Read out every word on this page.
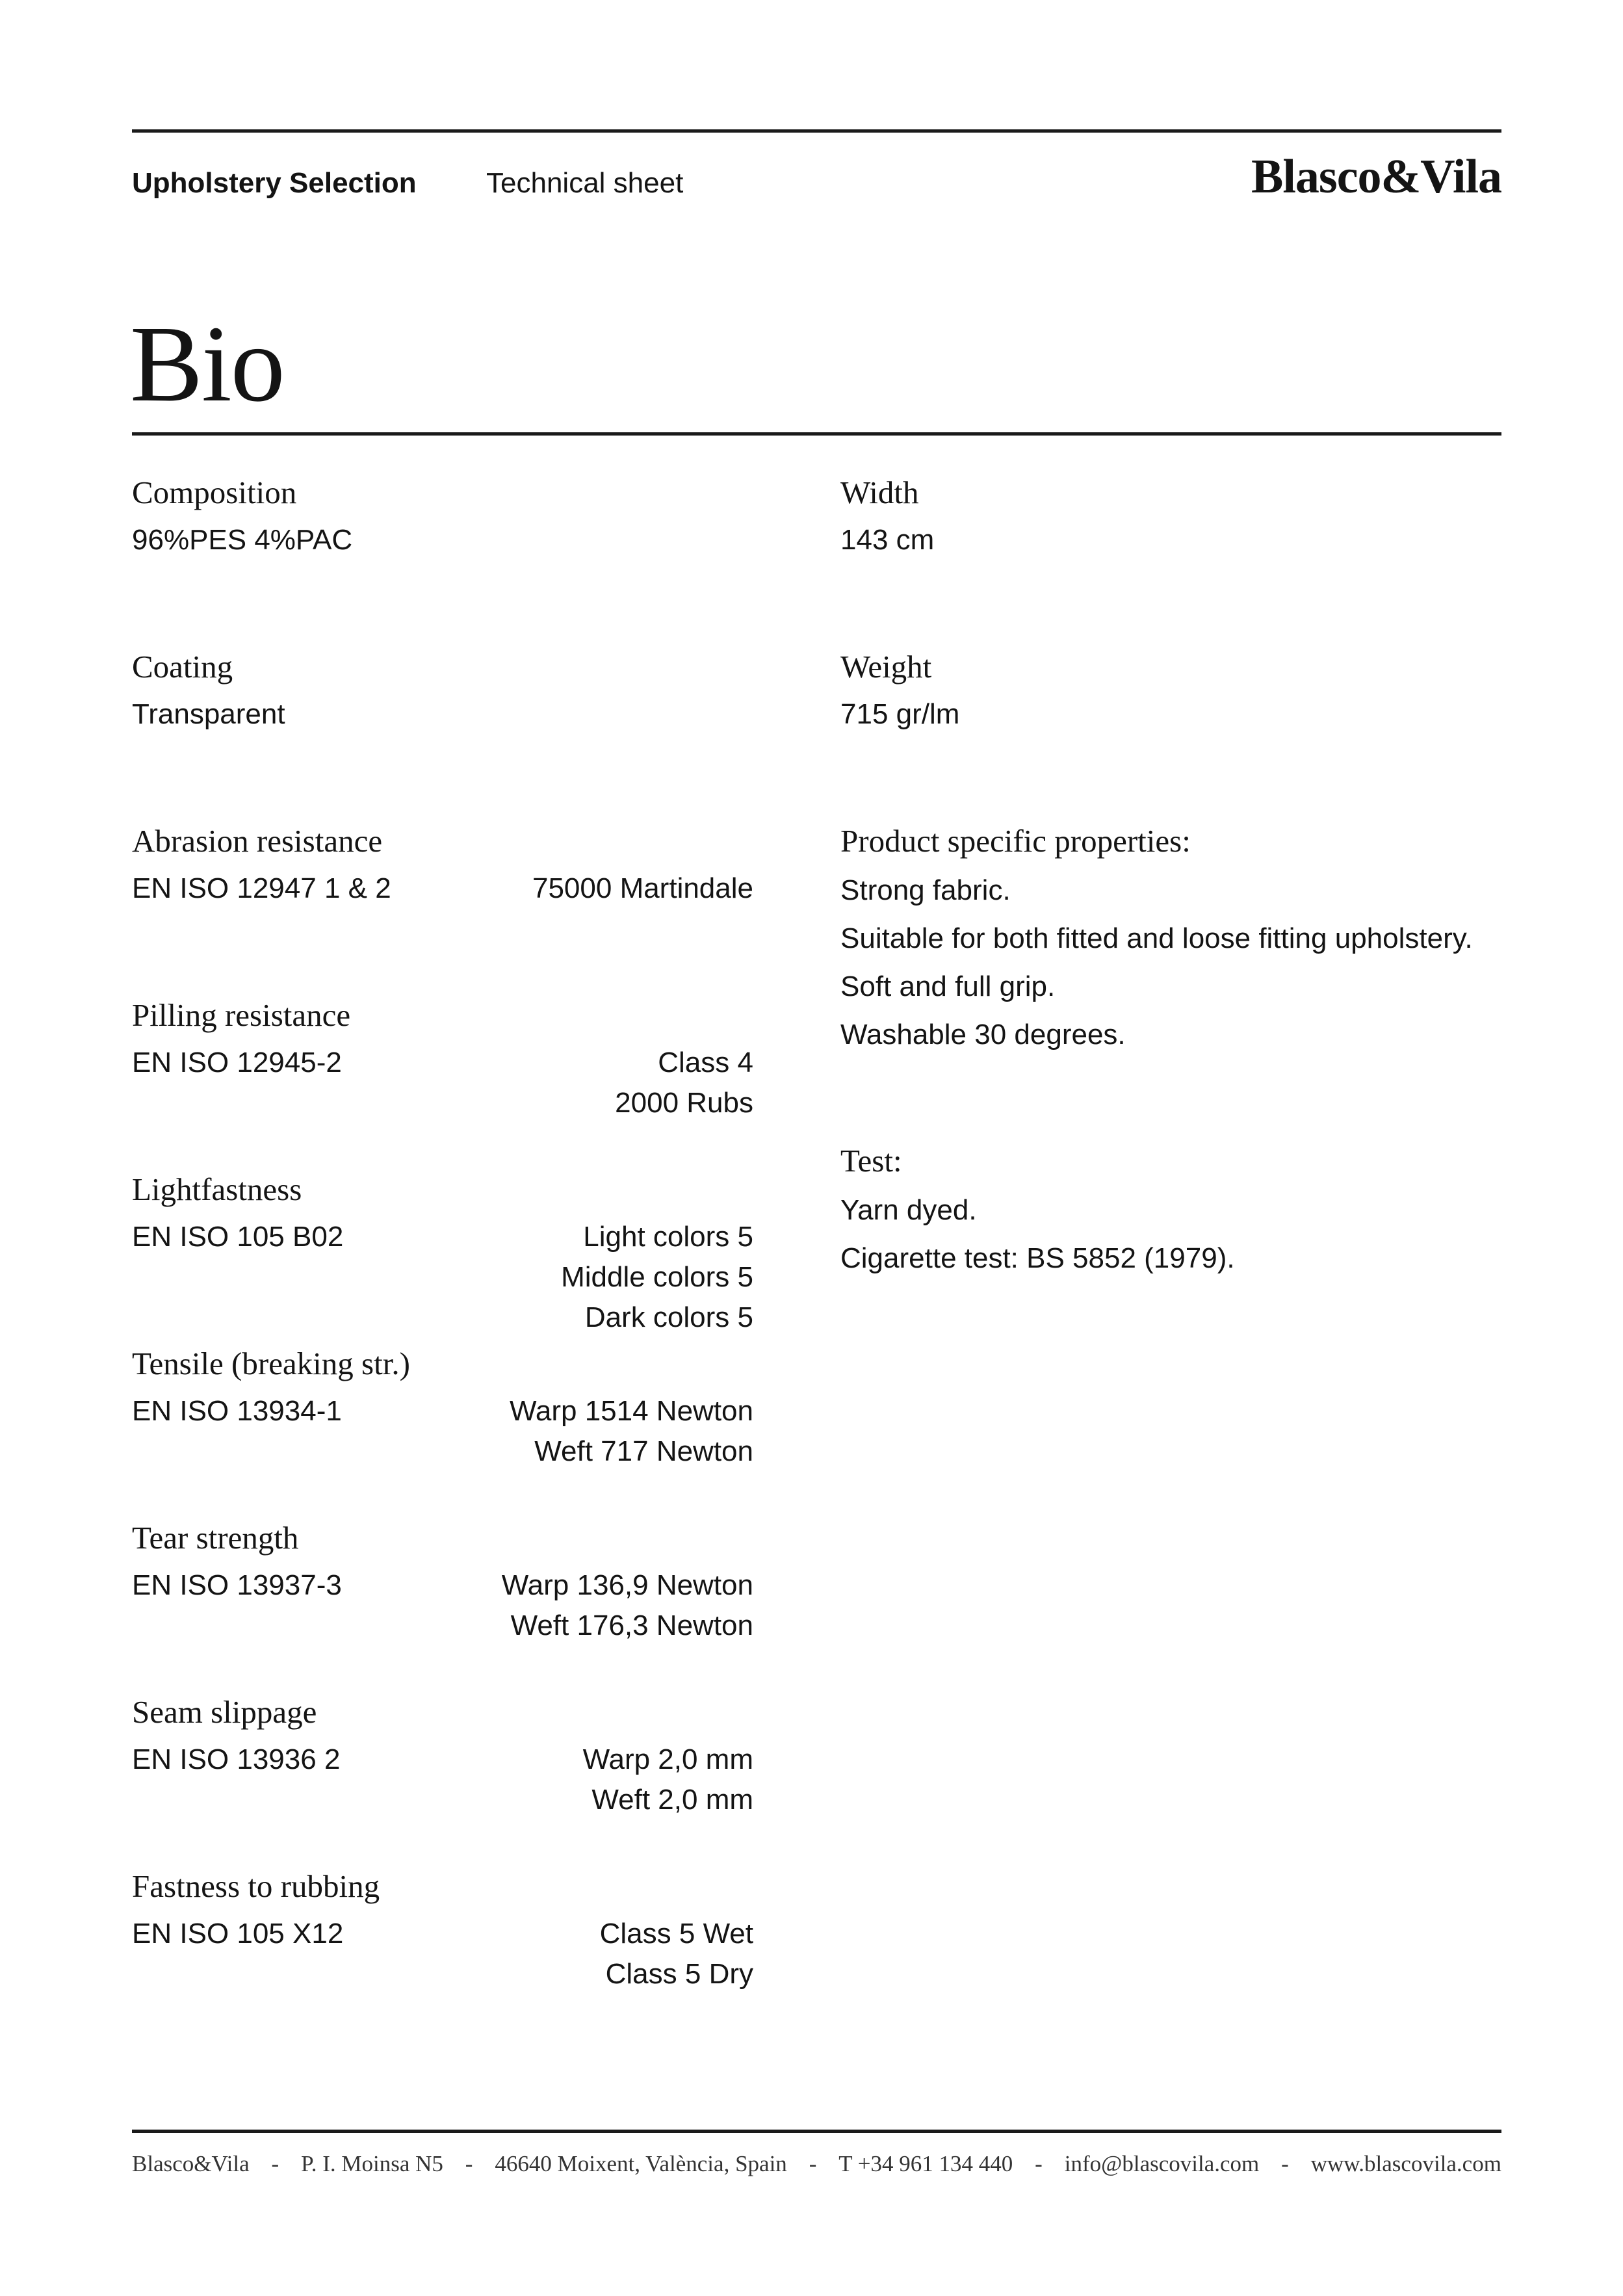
Upholstery Selection Technical sheet	Blasco&Vila
Bio
Composition
96%PES 4%PAC
Coating
Transparent
Abrasion resistance
EN ISO 12947 1 & 2	75000 Martindale
Pilling resistance
EN ISO 12945-2	Class 4
2000 Rubs
Lightfastness
EN ISO 105 B02	Light colors 5
Middle colors 5
Dark colors 5
Tensile (breaking str.)
EN ISO 13934-1	Warp 1514 Newton
Weft 717 Newton
Tear strength
EN ISO 13937-3	Warp 136,9 Newton
Weft 176,3 Newton
Seam slippage
EN ISO 13936 2	Warp 2,0 mm
Weft 2,0 mm
Fastness to rubbing
EN ISO 105 X12	Class 5 Wet
Class 5 Dry
Width
143 cm
Weight
715 gr/lm
Product specific properties:
Strong fabric.
Suitable for both fitted and loose fitting upholstery.
Soft and full grip.
Washable 30 degrees.
Test:
Yarn dyed.
Cigarette test: BS 5852 (1979).
Blasco&Vila - P. I. Moinsa N5 - 46640 Moixent, València, Spain - T +34 961 134 440 - info@blascovila.com - www.blascovila.com
